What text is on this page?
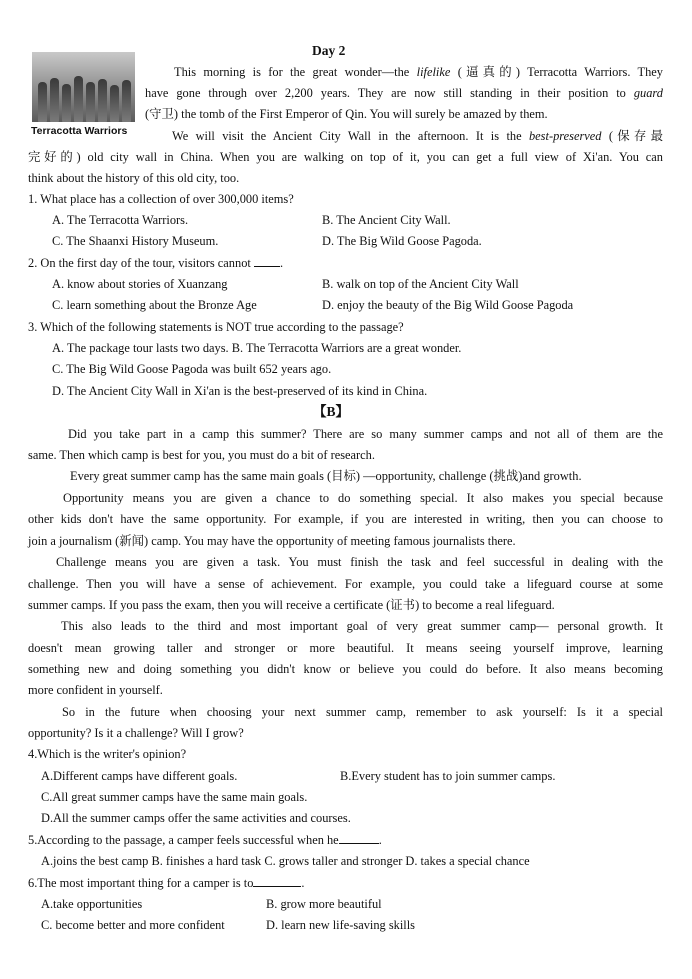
Terracotta Warriors
Day 2
This morning is for the great wonder—the lifelike (逼真的) Terracotta Warriors. They
have gone through over 2,200 years. They are now still standing in their position to guard
(守卫) the tomb of the First Emperor of Qin. You will surely be amazed by them.
We will visit the Ancient City Wall in the afternoon. It is the best-preserved (保存最
完好的) old city wall in China. When you are walking on top of it, you can get a full view of Xi'an. You can
think about the history of this old city, too.
1. What place has a collection of over 300,000 items?
A. The Terracotta Warriors.	B. The Ancient City Wall.
C. The Shaanxi History Museum.	D. The Big Wild Goose Pagoda.
2. On the first day of the tour, visitors cannot .
A. know about stories of Xuanzang	B. walk on top of the Ancient City Wall
C. learn something about the Bronze Age	D. enjoy the beauty of the Big Wild Goose Pagoda
3. Which of the following statements is NOT true according to the passage?
A. The package tour lasts two days. B. The Terracotta Warriors are a great wonder.
C. The Big Wild Goose Pagoda was built 652 years ago.
D. The Ancient City Wall in Xi'an is the best-preserved of its kind in China.
【B】
Did you take part in a camp this summer? There are so many summer camps and not all of them are the
same. Then which camp is best for you, you must do a bit of research.
Every great summer camp has the same main goals (目标) —opportunity, challenge (挑战)and growth.
Opportunity means you are given a chance to do something special. It also makes you special because
other kids don't have the same opportunity. For example, if you are interested in writing, then you can choose to
join a journalism (新闻) camp. You may have the opportunity of meeting famous journalists there.
Challenge means you are given a task. You must finish the task and feel successful in dealing with the
challenge. Then you will have a sense of achievement. For example, you could take a lifeguard course at some
summer camps. If you pass the exam, then you will receive a certificate (证书) to become a real lifeguard.
This also leads to the third and most important goal of very great summer camp— personal growth. It
doesn't mean growing taller and stronger or more beautiful. It means seeing yourself improve, learning
something new and doing something you didn't know or believe you could do before. It also means becoming
more confident in yourself.
So in the future when choosing your next summer camp, remember to ask yourself: Is it a special
opportunity? Is it a challenge? Will I grow?
4.Which is the writer's opinion?
A.Different camps have different goals.	B.Every student has to join summer camps.
C.All great summer camps have the same main goals.
D.All the summer camps offer the same activities and courses.
5.According to the passage, a camper feels successful when he	.
A.joins the best camp B. finishes a hard task C. grows taller and stronger D. takes a special chance
6.The most important thing for a camper is to	.
A.take opportunities	B. grow more beautiful
C. become better and more confident	D. learn new life-saving skills
